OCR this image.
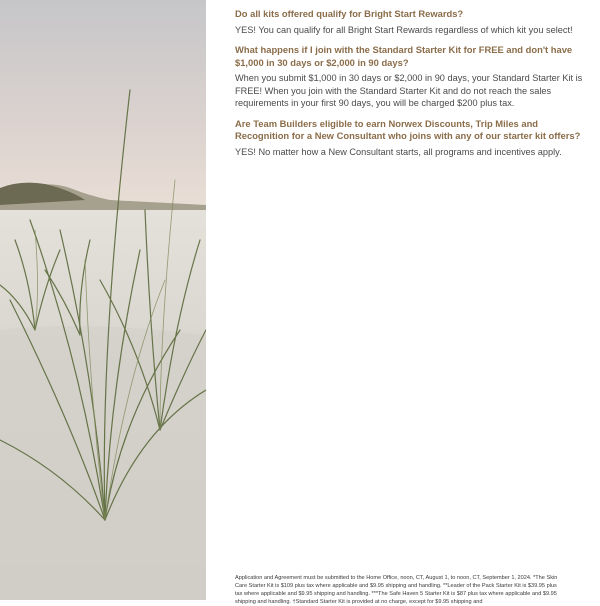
Do all kits offered qualify for Bright Start Rewards?

YES! You can qualify for all Bright Start Rewards regardless of which kit you select!

What happens if I join with the Standard Starter Kit for FREE and don't have $1,000 in 30 days or $2,000 in 90 days?

When you submit $1,000 in 30 days or $2,000 in 90 days, your Standard Starter Kit is FREE! When you join with the Standard Starter Kit and do not reach the sales requirements in your first 90 days, you will be charged $200 plus tax.

Are Team Builders eligible to earn Norwex Discounts, Trip Miles and Recognition for a New Consultant who joins with any of our starter kit offers?

YES! No matter how a New Consultant starts, all programs and incentives apply.

Application and Agreement must be submitted to the Home Office, noon, CT, August 1, to noon, CT, September 1, 2024. *The Skin Care Starter Kit is $109 plus tax where applicable and $9.95 shipping and handling. **Leader of the Pack Starter Kit is $39.95 plus tax where applicable and $9.95 shipping and handling. ***The Safe Haven 5 Starter Kit is $87 plus tax where applicable and $9.95 shipping and handling. †Standard Starter Kit is provided at no charge, except for $9.95 shipping and
